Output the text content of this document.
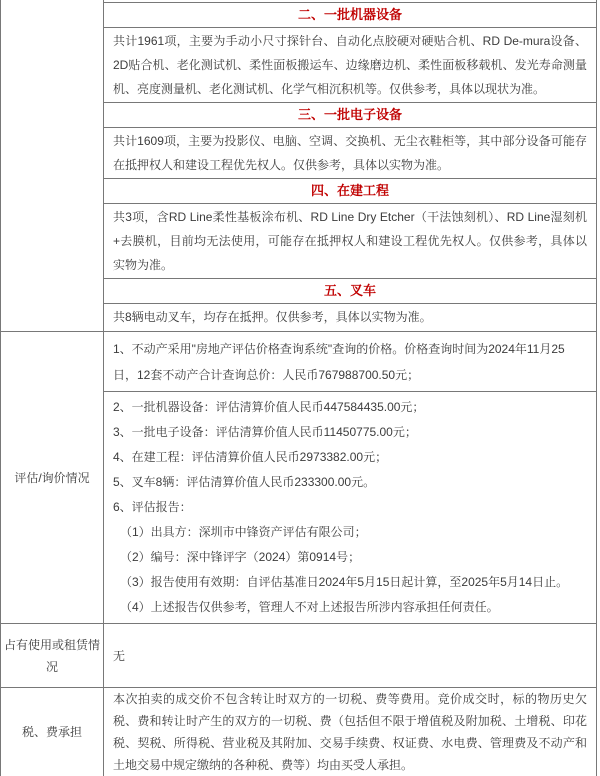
二、一批机器设备
共计1961项，主要为手动小尺寸探针台、自动化点胶硬对硬贴合机、RD De-mura设备、2D贴合机、老化测试机、柔性面板搬运车、边缘磨边机、柔性面板移载机、发光寿命测量机、亮度测量机、老化测试机、化学气相沉积机等。仅供参考，具体以现状为准。
三、一批电子设备
共计1609项，主要为投影仪、电脑、空调、交换机、无尘衣鞋柜等，其中部分设备可能存在抵押权人和建设工程优先权人。仅供参考，具体以实物为准。
四、在建工程
共3项，含RD Line柔性基板涂布机、RD Line Dry Etcher（干法蚀刻机）、RD Line湿刻机+去膜机，目前均无法使用，可能存在抵押权人和建设工程优先权人。仅供参考，具体以实物为准。
五、叉车
共8辆电动叉车，均存在抵押。仅供参考，具体以实物为准。
评估/询价情况
1、不动产采用"房地产评估价格查询系统"查询的价格。价格查询时间为2024年11月25日，12套不动产合计查询总价：人民币767988700.50元；

2、一批机器设备：评估清算价值人民币447584435.00元；

3、一批电子设备：评估清算价值人民币11450775.00元；

4、在建工程：评估清算价值人民币2973382.00元；

5、叉车8辆：评估清算价值人民币233300.00元。

6、评估报告：

（1）出具方：深圳市中锋资产评估有限公司；

（2）编号：深中锋评字（2024）第0914号；

（3）报告使用有效期：自评估基准日2024年5月15日起计算，至2025年5月14日止。

（4）上述报告仅供参考，管理人不对上述报告所涉内容承担任何责任。

占有使用或租赁情况
无
税、费承担
本次拍卖的成交价不包含转让时双方的一切税、费等费用。竞价成交时，标的物历史欠税、费和转让时产生的双方的一切税、费（包括但不限于增值税及附加税、土增税、印花税、契税、所得税、营业税及其附加、交易手续费、权证费、水电费、管理费及不动产和土地交易中规定缴纳的各种税、费等）均由买受人承担。
